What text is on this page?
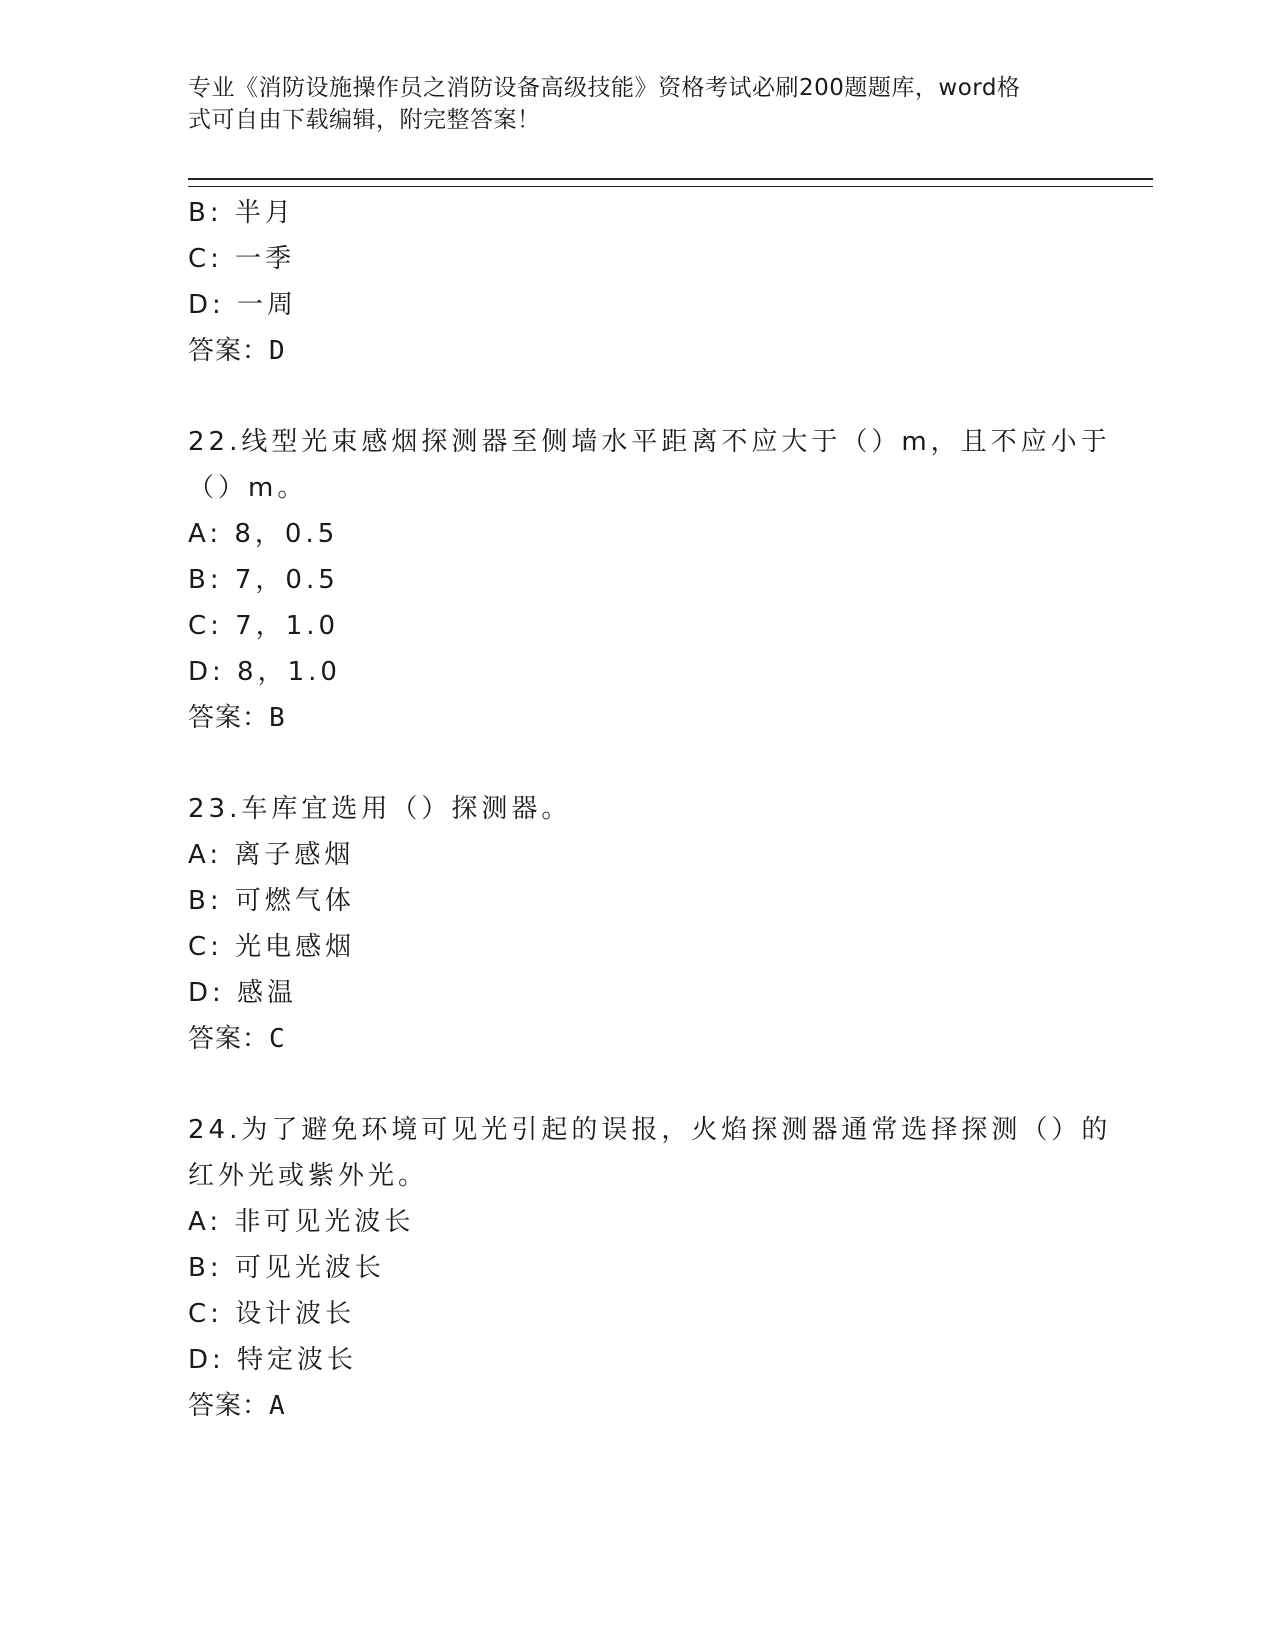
专业《消防设施操作员之消防设备高级技能》资格考试必刷200题题库，word格
式可自由下载编辑，附完整答案！
B: 半月
C: 一季
D: 一周
答案：D
22.线型光束感烟探测器至侧墙水平距离不应大于（）m，且不应小于
（）m。
A: 8，0.5
B: 7，0.5
C: 7，1.0
D: 8，1.0
答案：B
23.车库宜选用（）探测器。
A: 离子感烟
B: 可燃气体
C: 光电感烟
D: 感温
答案：C
24.为了避免环境可见光引起的误报，火焰探测器通常选择探测（）的
红外光或紫外光。
A: 非可见光波长
B: 可见光波长
C: 设计波长
D: 特定波长
答案：A
